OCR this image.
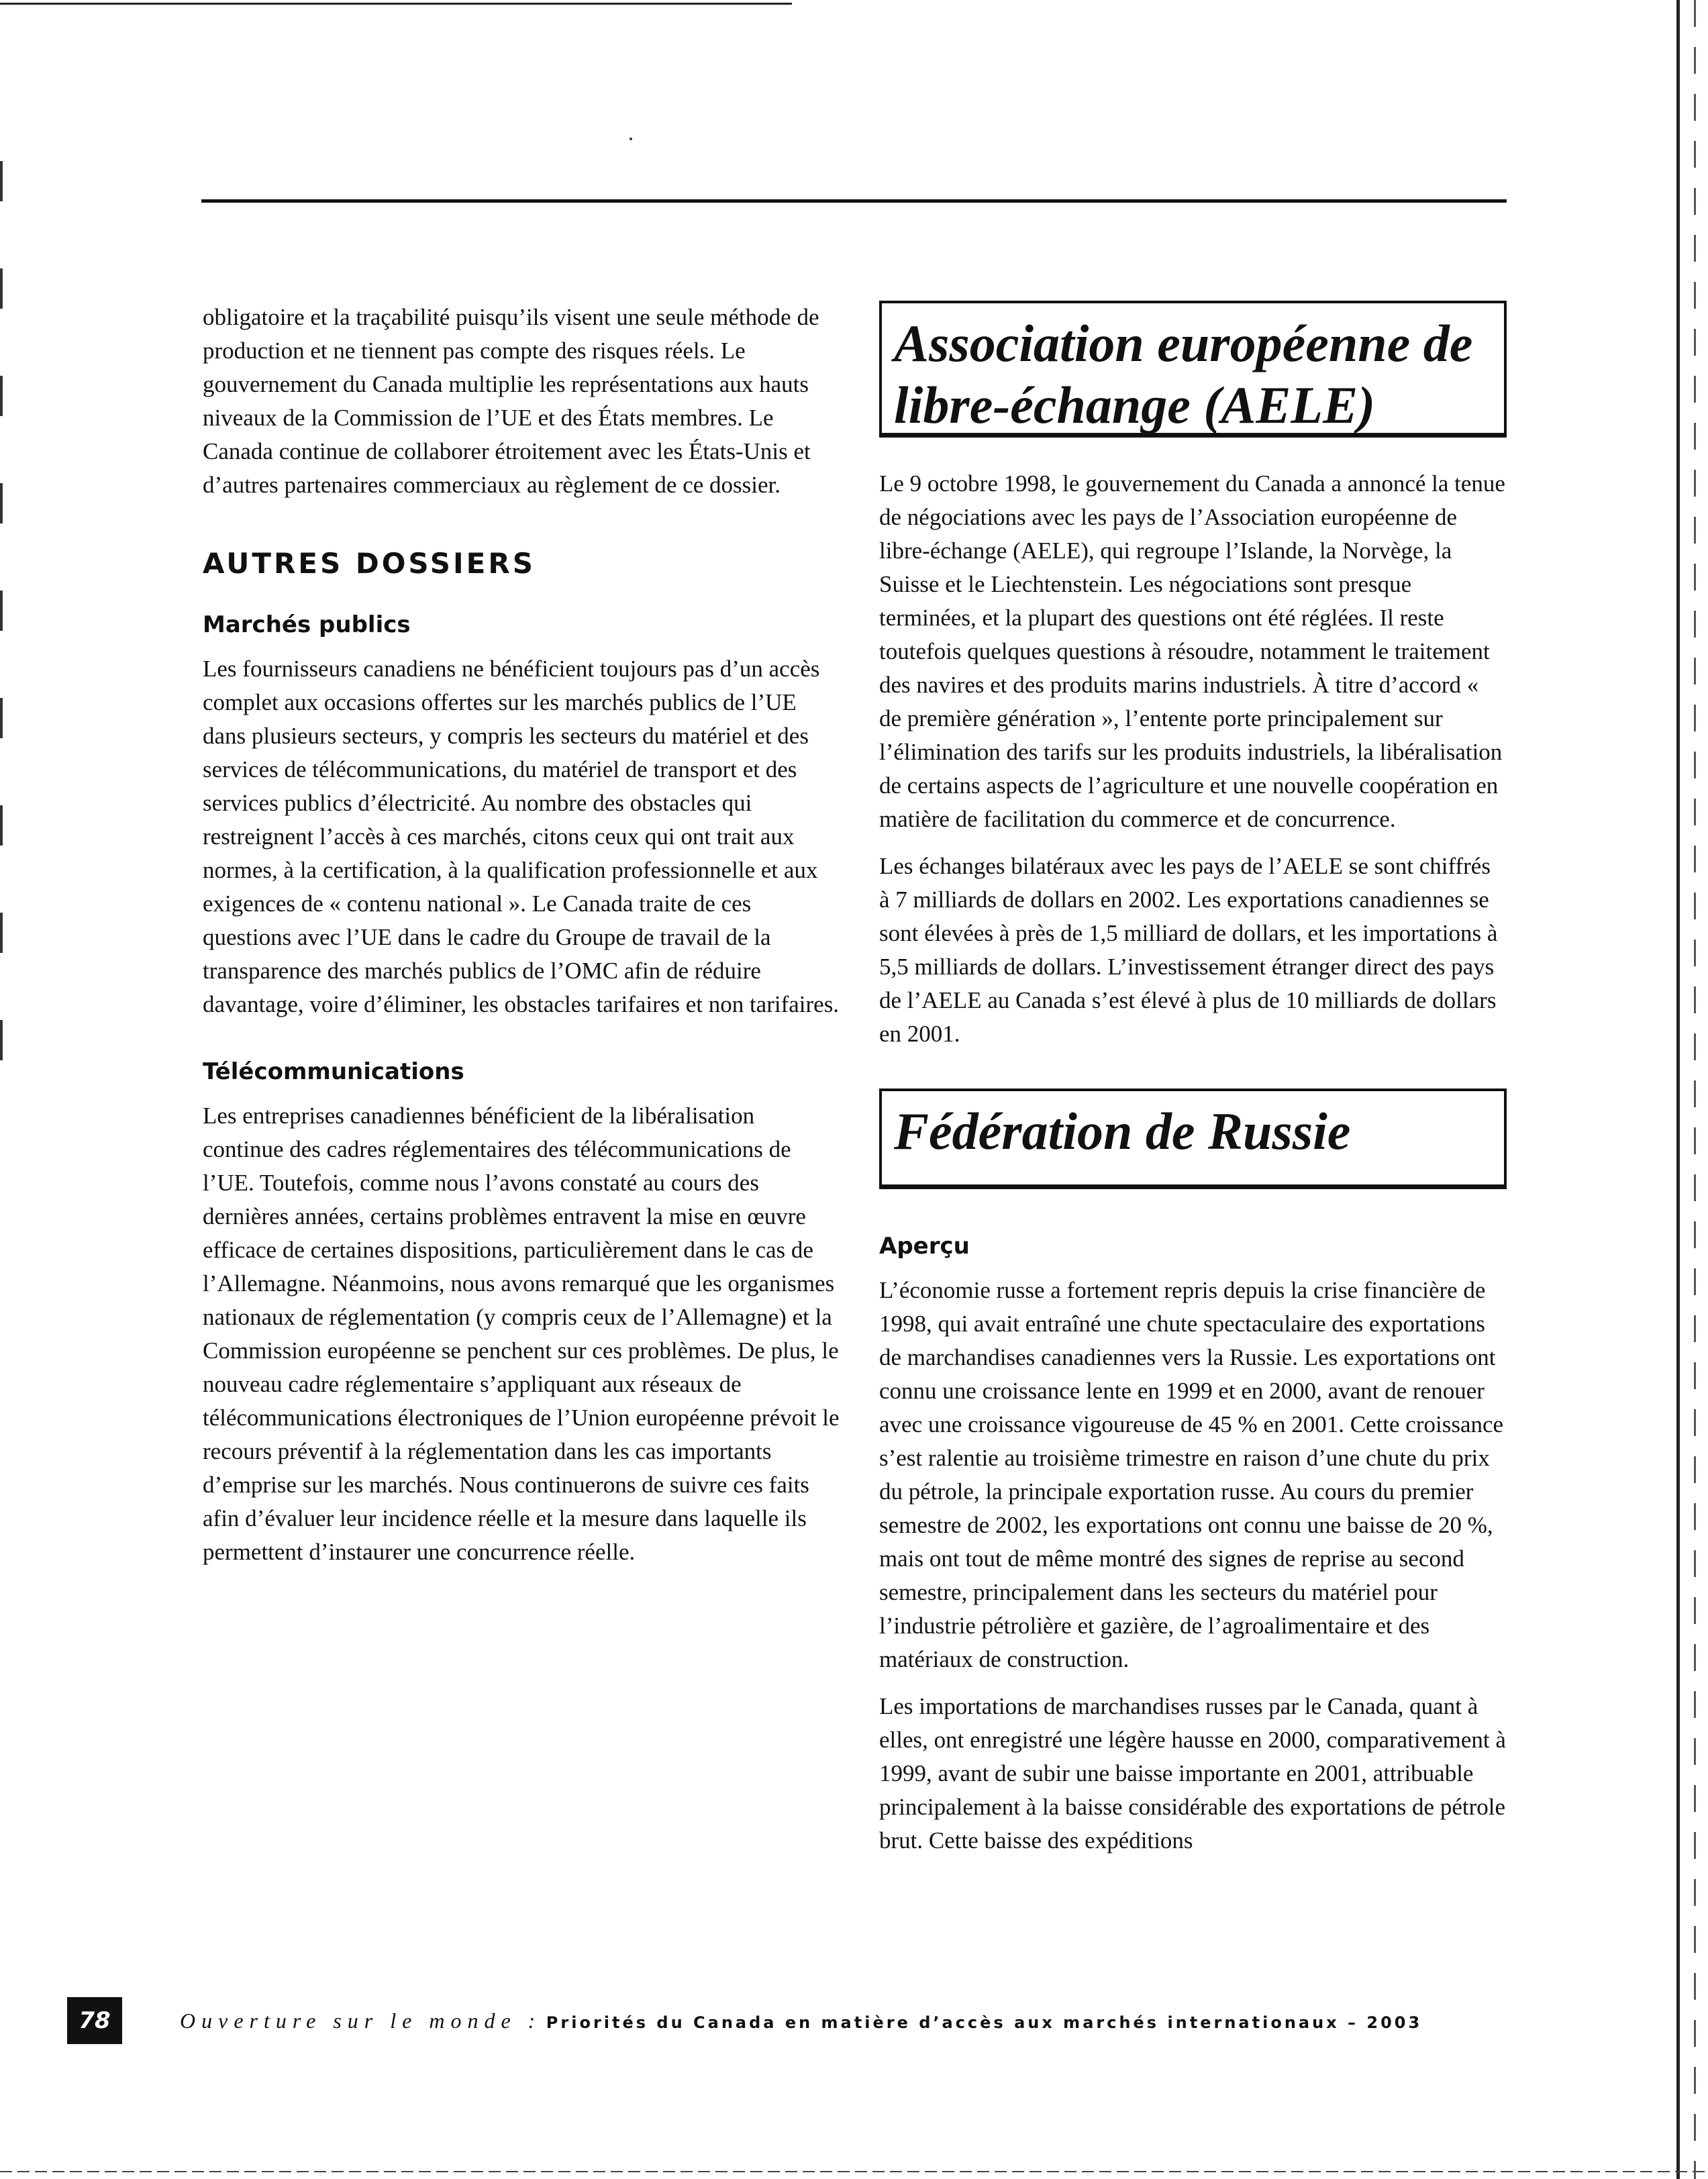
obligatoire et la traçabilité puisqu’ils visent une seule méthode de production et ne tiennent pas compte des risques réels. Le gouvernement du Canada multiplie les représentations aux hauts niveaux de la Commission de l’UE et des États membres. Le Canada continue de collaborer étroitement avec les États-Unis et d’autres partenaires commerciaux au règlement de ce dossier.

AUTRES DOSSIERS
Marchés publics

Les fournisseurs canadiens ne bénéficient toujours pas d’un accès complet aux occasions offertes sur les marchés publics de l’UE dans plusieurs secteurs, y compris les secteurs du matériel et des services de télécommunications, du matériel de transport et des services publics d’électricité. Au nombre des obstacles qui restreignent l’accès à ces marchés, citons ceux qui ont trait aux normes, à la certification, à la qualification professionnelle et aux exigences de « contenu national ». Le Canada traite de ces questions avec l’UE dans le cadre du Groupe de travail de la transparence des marchés publics de l’OMC afin de réduire davantage, voire d’éliminer, les obstacles tarifaires et non tarifaires.

Télécommunications

Les entreprises canadiennes bénéficient de la libéralisation continue des cadres réglementaires des télécommunications de l’UE. Toutefois, comme nous l’avons constaté au cours des dernières années, certains problèmes entravent la mise en œuvre efficace de certaines dispositions, particulièrement dans le cas de l’Allemagne. Néanmoins, nous avons remarqué que les organismes nationaux de réglementation (y compris ceux de l’Allemagne) et la Commission européenne se penchent sur ces problèmes. De plus, le nouveau cadre réglementaire s’appliquant aux réseaux de télécommunications électroniques de l’Union européenne prévoit le recours préventif à la réglementation dans les cas importants d’emprise sur les marchés. Nous continuerons de suivre ces faits afin d’évaluer leur incidence réelle et la mesure dans laquelle ils permettent d’instaurer une concurrence réelle.

Association européenne de libre-échange (AELE)

Le 9 octobre 1998, le gouvernement du Canada a annoncé la tenue de négociations avec les pays de l’Association européenne de libre-échange (AELE), qui regroupe l’Islande, la Norvège, la Suisse et le Liechtenstein. Les négociations sont presque terminées, et la plupart des questions ont été réglées. Il reste toutefois quelques questions à résoudre, notamment le traitement des navires et des produits marins industriels. À titre d’accord « de première génération », l’entente porte principalement sur l’élimination des tarifs sur les produits industriels, la libéralisation de certains aspects de l’agriculture et une nouvelle coopération en matière de facilitation du commerce et de concurrence.

Les échanges bilatéraux avec les pays de l’AELE se sont chiffrés à 7 milliards de dollars en 2002. Les exportations canadiennes se sont élevées à près de 1,5 milliard de dollars, et les importations à 5,5 milliards de dollars. L’investissement étranger direct des pays de l’AELE au Canada s’est élevé à plus de 10 milliards de dollars en 2001.

Fédération de Russie
Aperçu

L’économie russe a fortement repris depuis la crise financière de 1998, qui avait entraîné une chute spectaculaire des exportations de marchandises canadiennes vers la Russie. Les exportations ont connu une croissance lente en 1999 et en 2000, avant de renouer avec une croissance vigoureuse de 45 % en 2001. Cette croissance s’est ralentie au troisième trimestre en raison d’une chute du prix du pétrole, la principale exportation russe. Au cours du premier semestre de 2002, les exportations ont connu une baisse de 20 %, mais ont tout de même montré des signes de reprise au second semestre, principalement dans les secteurs du matériel pour l’industrie pétrolière et gazière, de l’agroalimentaire et des matériaux de construction.

Les importations de marchandises russes par le Canada, quant à elles, ont enregistré une légère hausse en 2000, comparativement à 1999, avant de subir une baisse importante en 2001, attribuable principalement à la baisse considérable des exportations de pétrole brut. Cette baisse des expéditions

78	Ouverture sur le monde : Priorités du Canada en matière d’accès aux marchés internationaux – 2003
